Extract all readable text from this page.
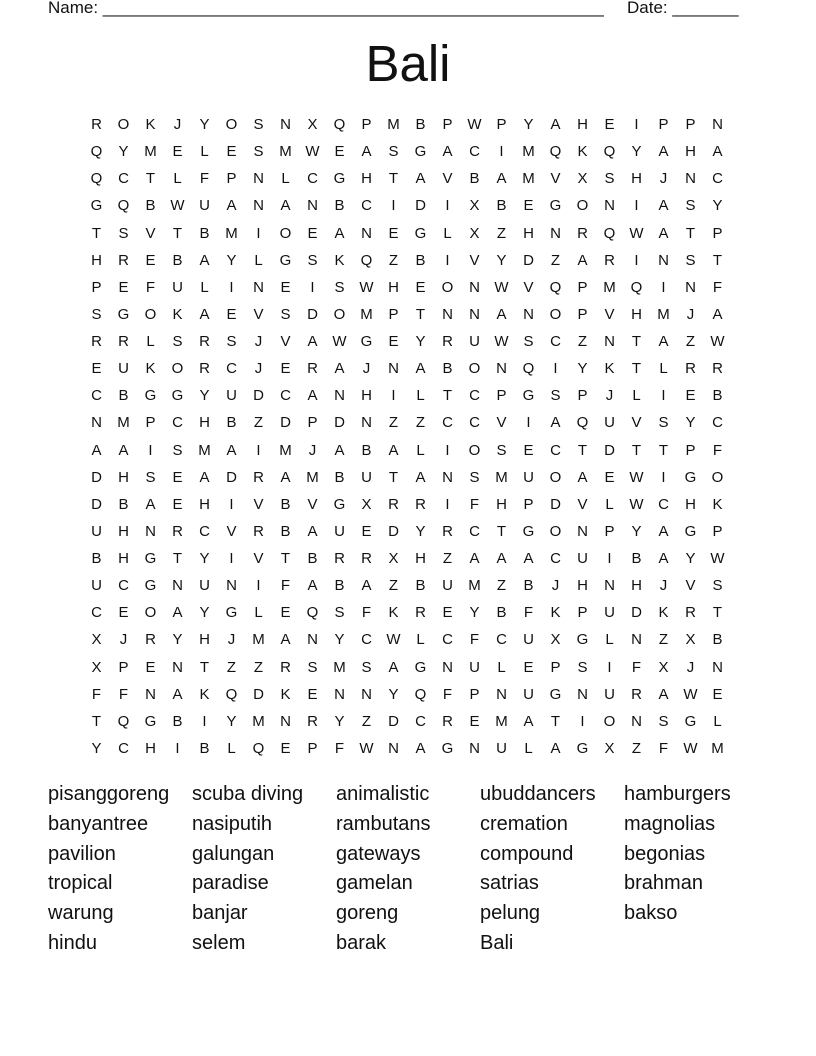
Name: _____________________________________________________

Date: _______

Bali
R	O	K	J	Y	O	S	N	X	Q	P	M	B	P W P	Y	A	H	E	I	P	P	N
Q	Y	M	E	L	E	S	M W E	A	S	G	A	C	I	M Q	K	Q	Y	A	H	A
Q	C	T	L	F	P	N	L	C	G	H	T	A	V	B	A	M	V	X	S	H	J	N	C
G	Q	B W U	A	N	A	N	B	C	I	D	I	X	B	E	G	O	N	I	A	S	Y
T	S	V	T	B	M	I	O	E	A	N	E	G	L	X	Z	H	N	R	Q W A	T	P
H	R	E	B	A	Y	L	G	S	K	Q	Z	B	I	V	Y	D	Z	A	R	I	N	S	T
P	E	F	U	L	I	N	E	I	S W H	E	O	N W V	Q	P	M Q	I	N	F
S	G	O	K	A	E	V	S	D	O M	P	T	N	N	A	N	O	P	V	H	M	J	A
R	R	L	S	R	S	J	V	A W G	E	Y	R	U W S	C	Z	N	T	A	Z	W
E	U	K	O	R	C	J	E	R	A	J	N	A	B	O	N	Q	I	Y	K	T	L	R	R
C	B	G	G	Y	U	D	C	A	N	H	I	L	T	C	P	G	S	P	J	L	I	E	B
N	M	P	C	H	B	Z	D	P	D	N	Z	Z	C	C	V	I	A	Q	U	V	S	Y	C
A	A	I	S	M	A	I	M	J	A	B	A	L	I	O	S	E	C	T	D	T	T	P	F
D	H	S	E	A	D	R	A	M	B	U	T	A	N	S	M	U	O	A	E W	I	G	O
D	B	A	E	H	I	V	B	V	G	X	R	R	I	F	H	P	D	V	L	W C	H	K
U	H	N	R	C	V	R	B	A	U	E	D	Y	R	C	T	G	O	N	P	Y	A	G	P
B	H	G	T	Y	I	V	T	B	R	R	X	H	Z	A	A	A	C	U	I	B	A	Y W
U	C	G	N	U	N	I	F	A	B	A	Z	B	U	M	Z	B	J	H	N	H	J	V	S
C	E	O	A	Y	G	L	E	Q	S	F	K	R	E	Y	B	F	K	P	U	D	K	R	T
X	J	R	Y	H	J	M	A	N	Y	C W	L	C	F	C	U	X	G	L	N	Z	X	B
X	P	E	N	T	Z	Z	R	S	M	S	A	G	N	U	L	E	P	S	I	F	X	J	N
F	F	N	A	K	Q	D	K	E	N	N	Y	Q	F	P	N	U	G	N	U	R	A W E
T	Q	G	B	I	Y	M	N	R	Y	Z	D	C	R	E	M	A	T	I	O	N	S	G	L
Y	C	H	I	B	L	Q	E	P	F	W N	A	G	N	U	L	A	G	X	Z	F	W M
pisanggoreng
banyantree
pavilion
tropical
warung
hindu
scuba diving
nasiputih
galungan
paradise
banjar
selem
animalistic
rambutans
gateways
gamelan
goreng
barak
ubuddancers
cremation
compound
satrias
pelung
Bali
hamburgers
magnolias
begonias
brahman
bakso
